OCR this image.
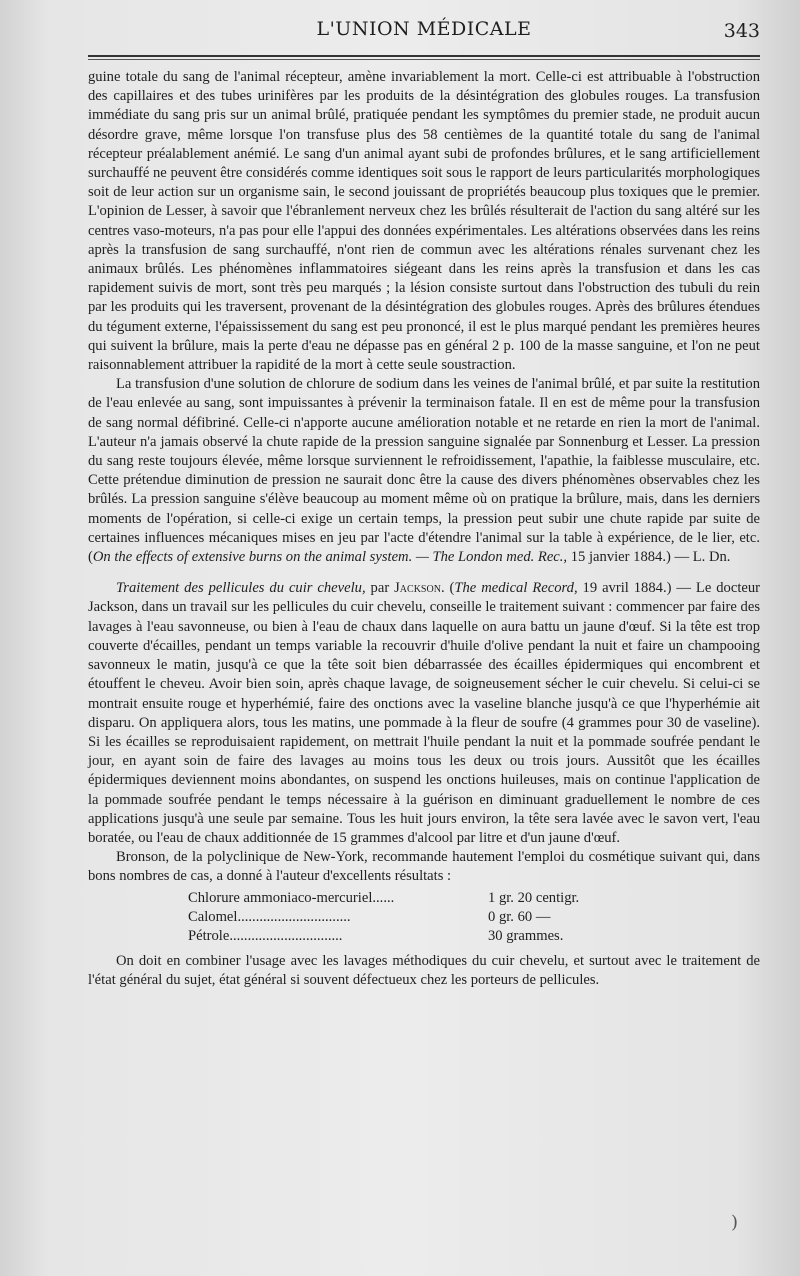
L'UNION MÉDICALE	343

guine totale du sang de l'animal récepteur, amène invariablement la mort. Celle-ci est attribuable à l'obstruction des capillaires et des tubes urinifères par les produits de la désintégration des globules rouges. La transfusion immédiate du sang pris sur un animal brûlé, pratiquée pendant les symptômes du premier stade, ne produit aucun désordre grave, même lorsque l'on transfuse plus des 58 centièmes de la quantité totale du sang de l'animal récepteur préalablement anémié. Le sang d'un animal ayant subi de profondes brûlures, et le sang artificiellement surchauffé ne peuvent être considérés comme identiques soit sous le rapport de leurs particularités morphologiques soit de leur action sur un organisme sain, le second jouissant de propriétés beaucoup plus toxiques que le premier. L'opinion de Lesser, à savoir que l'ébranlement nerveux chez les brûlés résulterait de l'action du sang altéré sur les centres vaso-moteurs, n'a pas pour elle l'appui des données expérimentales. Les altérations observées dans les reins après la transfusion de sang surchauffé, n'ont rien de commun avec les altérations rénales survenant chez les animaux brûlés. Les phénomènes inflammatoires siégeant dans les reins après la transfusion et dans les cas rapidement suivis de mort, sont très peu marqués ; la lésion consiste surtout dans l'obstruction des tubuli du rein par les produits qui les traversent, provenant de la désintégration des globules rouges. Après des brûlures étendues du tégument externe, l'épaississement du sang est peu prononcé, il est le plus marqué pendant les premières heures qui suivent la brûlure, mais la perte d'eau ne dépasse pas en général 2 p. 100 de la masse sanguine, et l'on ne peut raisonnablement attribuer la rapidité de la mort à cette seule soustraction.

La transfusion d'une solution de chlorure de sodium dans les veines de l'animal brûlé, et par suite la restitution de l'eau enlevée au sang, sont impuissantes à prévenir la terminaison fatale. Il en est de même pour la transfusion de sang normal défibriné. Celle-ci n'apporte aucune amélioration notable et ne retarde en rien la mort de l'animal. L'auteur n'a jamais observé la chute rapide de la pression sanguine signalée par Sonnenburg et Lesser. La pression du sang reste toujours élevée, même lorsque surviennent le refroidissement, l'apathie, la faiblesse musculaire, etc. Cette prétendue diminution de pression ne saurait donc être la cause des divers phénomènes observables chez les brûlés. La pression sanguine s'élève beaucoup au moment même où on pratique la brûlure, mais, dans les derniers moments de l'opération, si celle-ci exige un certain temps, la pression peut subir une chute rapide par suite de certaines influences mécaniques mises en jeu par l'acte d'étendre l'animal sur la table à expérience, de le lier, etc. (On the effects of extensive burns on the animal system. — The London med. Rec., 15 janvier 1884.) — L. Dn.

Traitement des pellicules du cuir chevelu, par Jackson. (The medical Record, 19 avril 1884.) — Le docteur Jackson, dans un travail sur les pellicules du cuir chevelu, conseille le traitement suivant : commencer par faire des lavages à l'eau savonneuse, ou bien à l'eau de chaux dans laquelle on aura battu un jaune d'œuf. Si la tête est trop couverte d'écailles, pendant un temps variable la recouvrir d'huile d'olive pendant la nuit et faire un champooing savonneux le matin, jusqu'à ce que la tête soit bien débarrassée des écailles épidermiques qui encombrent et étouffent le cheveu. Avoir bien soin, après chaque lavage, de soigneusement sécher le cuir chevelu. Si celui-ci se montrait ensuite rouge et hyperhémié, faire des onctions avec la vaseline blanche jusqu'à ce que l'hyperhémie ait disparu. On appliquera alors, tous les matins, une pommade à la fleur de soufre (4 grammes pour 30 de vaseline). Si les écailles se reproduisaient rapidement, on mettrait l'huile pendant la nuit et la pommade soufrée pendant le jour, en ayant soin de faire des lavages au moins tous les deux ou trois jours. Aussitôt que les écailles épidermiques deviennent moins abondantes, on suspend les onctions huileuses, mais on continue l'application de la pommade soufrée pendant le temps nécessaire à la guérison en diminuant graduellement le nombre de ces applications jusqu'à une seule par semaine. Tous les huit jours environ, la tête sera lavée avec le savon vert, l'eau boratée, ou l'eau de chaux additionnée de 15 grammes d'alcool par litre et d'un jaune d'œuf.

Bronson, de la polyclinique de New-York, recommande hautement l'emploi du cosmétique suivant qui, dans bons nombres de cas, a donné à l'auteur d'excellents résultats :

Chlorure ammoniaco-mercuriel......	1 gr. 20 centigr.
Calomel...............................	0 gr. 60 —
Pétrole...............................	30 grammes.

On doit en combiner l'usage avec les lavages méthodiques du cuir chevelu, et surtout avec le traitement de l'état général du sujet, état général si souvent défectueux chez les porteurs de pellicules.

)
